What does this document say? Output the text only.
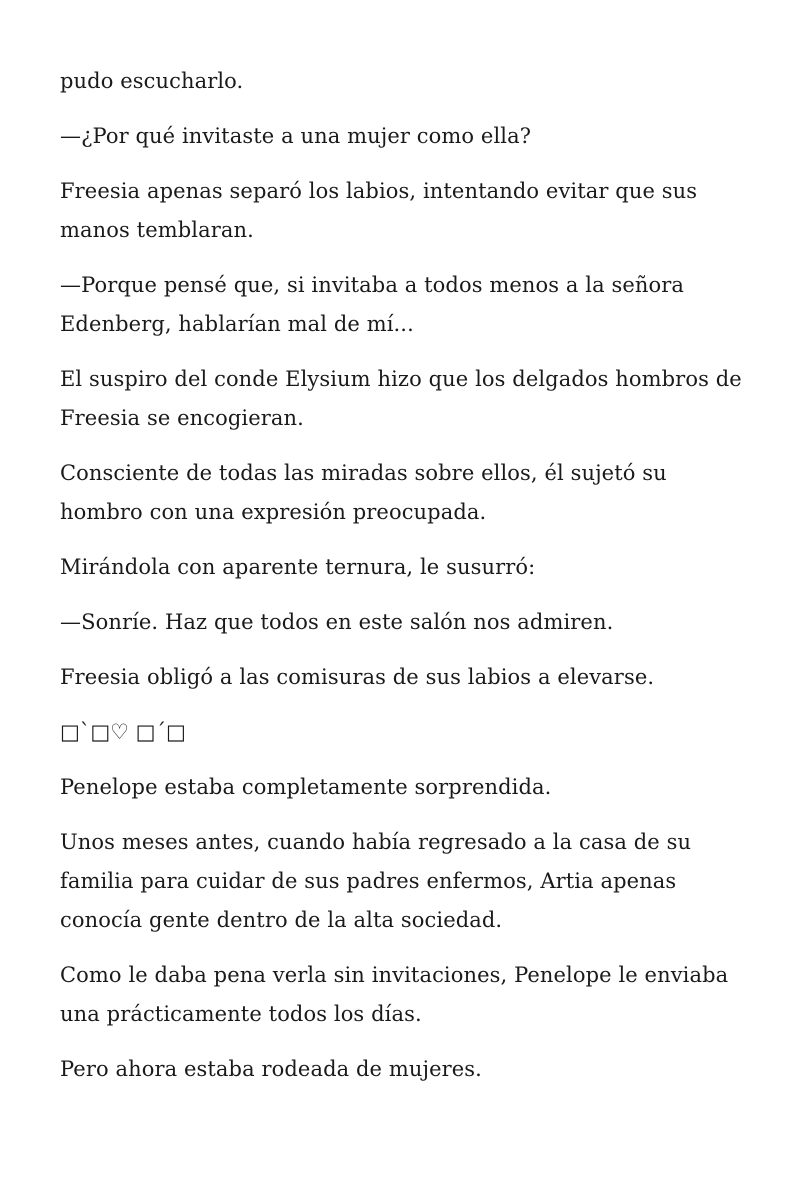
pudo escucharlo.

—¿Por qué invitaste a una mujer como ella?

Freesia apenas separó los labios, intentando evitar que sus manos temblaran.

—Porque pensé que, si invitaba a todos menos a la señora Edenberg, hablarían mal de mí...

El suspiro del conde Elysium hizo que los delgados hombros de Freesia se encogieran.

Consciente de todas las miradas sobre ellos, él sujetó su hombro con una expresión preocupada.

Mirándola con aparente ternura, le susurró:

—Sonríe. Haz que todos en este salón nos admiren.

Freesia obligó a las comisuras de sus labios a elevarse.

□`□♡ □´□

Penelope estaba completamente sorprendida.

Unos meses antes, cuando había regresado a la casa de su familia para cuidar de sus padres enfermos, Artia apenas conocía gente dentro de la alta sociedad.

Como le daba pena verla sin invitaciones, Penelope le enviaba una prácticamente todos los días.

Pero ahora estaba rodeada de mujeres.
